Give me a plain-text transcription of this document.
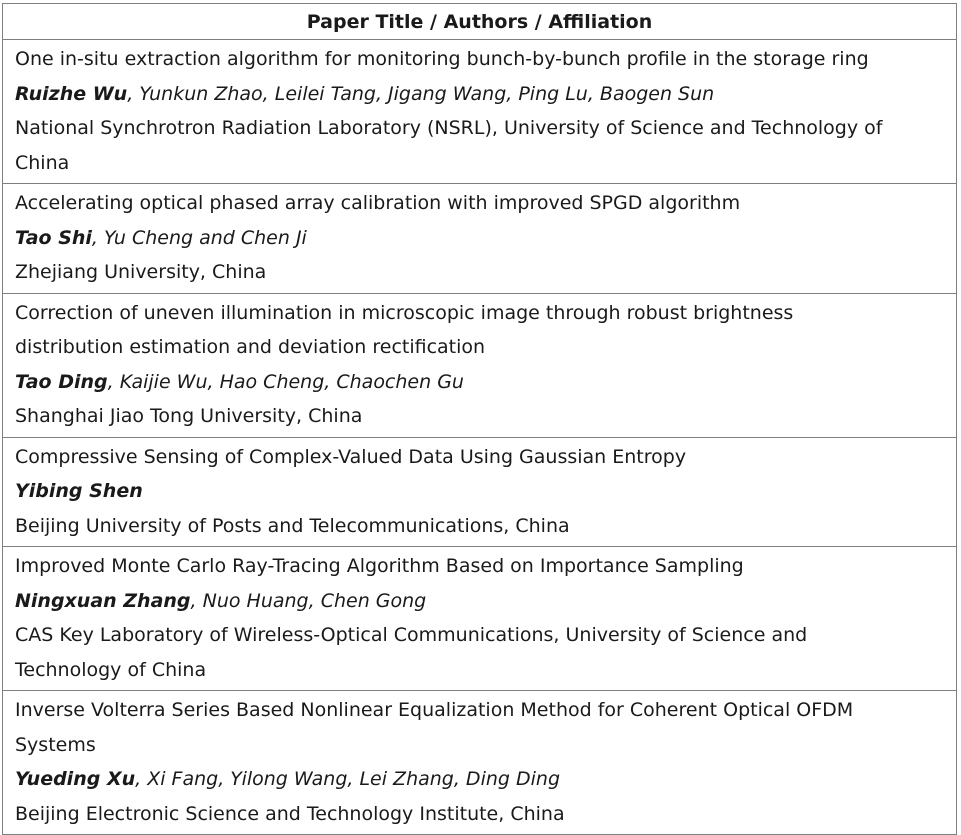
Paper Title / Authors / Affiliation
One in-situ extraction algorithm for monitoring bunch-by-bunch profile in the storage ring
Ruizhe Wu, Yunkun Zhao, Leilei Tang, Jigang Wang, Ping Lu, Baogen Sun
National Synchrotron Radiation Laboratory (NSRL), University of Science and Technology of
China
Accelerating optical phased array calibration with improved SPGD algorithm
Tao Shi, Yu Cheng and Chen Ji
Zhejiang University, China
Correction of uneven illumination in microscopic image through robust brightness
distribution estimation and deviation rectification
Tao Ding, Kaijie Wu, Hao Cheng, Chaochen Gu
Shanghai Jiao Tong University, China
Compressive Sensing of Complex-Valued Data Using Gaussian Entropy
Yibing Shen
Beijing University of Posts and Telecommunications, China
Improved Monte Carlo Ray-Tracing Algorithm Based on Importance Sampling
Ningxuan Zhang, Nuo Huang, Chen Gong
CAS Key Laboratory of Wireless-Optical Communications, University of Science and
Technology of China
Inverse Volterra Series Based Nonlinear Equalization Method for Coherent Optical OFDM
Systems
Yueding Xu, Xi Fang, Yilong Wang, Lei Zhang, Ding Ding
Beijing Electronic Science and Technology Institute, China
